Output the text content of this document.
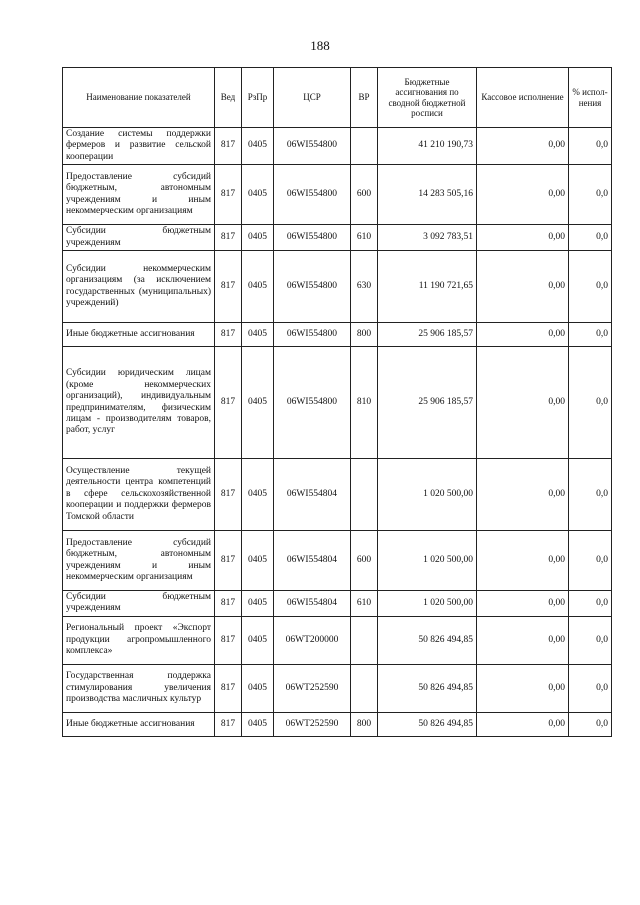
188
Наименование показателей	Вед	РзПр	ЦСР	ВР	Бюджетные ассигнования по сводной бюджетной росписи	Кассовое исполнение	% испол-нения
Создание системы поддержки фермеров и развитие сельской кооперации	817	0405	06WI554800		41 210 190,73	0,00	0,0
Предоставление субсидий бюджетным, автономным учреждениям и иным некоммерческим организациям	817	0405	06WI554800	600	14 283 505,16	0,00	0,0
Субсидии бюджетным учреждениям	817	0405	06WI554800	610	3 092 783,51	0,00	0,0
Субсидии некоммерческим организациям (за исключением государственных (муниципальных) учреждений)	817	0405	06WI554800	630	11 190 721,65	0,00	0,0
Иные бюджетные ассигнования	817	0405	06WI554800	800	25 906 185,57	0,00	0,0
Субсидии юридическим лицам (кроме некоммерческих организаций), индивидуальным предпринимателям, физическим лицам - производителям товаров, работ, услуг	817	0405	06WI554800	810	25 906 185,57	0,00	0,0
Осуществление текущей деятельности центра компетенций в сфере сельскохозяйственной кооперации и поддержки фермеров Томской области	817	0405	06WI554804		1 020 500,00	0,00	0,0
Предоставление субсидий бюджетным, автономным учреждениям и иным некоммерческим организациям	817	0405	06WI554804	600	1 020 500,00	0,00	0,0
Субсидии бюджетным учреждениям	817	0405	06WI554804	610	1 020 500,00	0,00	0,0
Региональный проект «Экспорт продукции агропромышленного комплекса»	817	0405	06WT200000		50 826 494,85	0,00	0,0
Государственная поддержка стимулирования увеличения производства масличных культур	817	0405	06WT252590		50 826 494,85	0,00	0,0
Иные бюджетные ассигнования	817	0405	06WT252590	800	50 826 494,85	0,00	0,0
